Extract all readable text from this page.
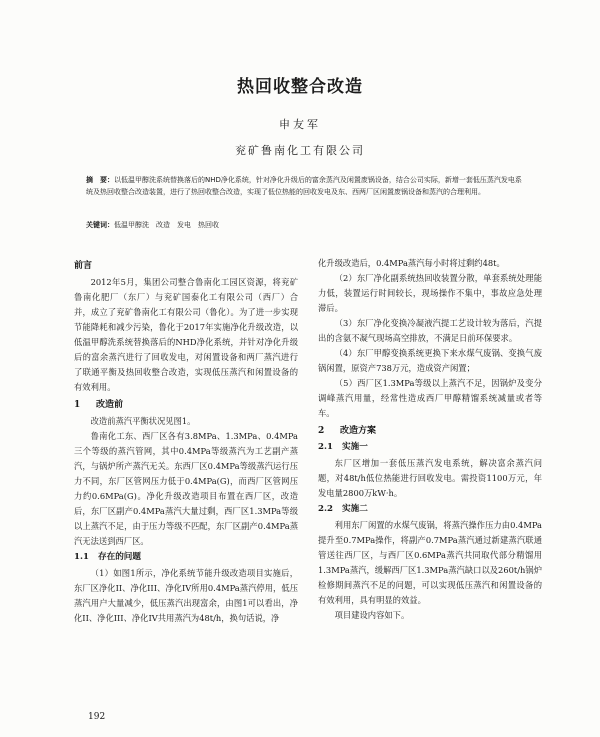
热回收整合改造
申友军
兖矿鲁南化工有限公司
摘　要：以低温甲醇洗系统替换落后的NHD净化系统，针对净化升级后的富余蒸汽及闲置废锅设备，结合公司实际，新增一套低压蒸汽发电系统及热回收整合改造装置，进行了热回收整合改造，实现了低位热能的回收发电及东、西两厂区闲置废锅设备和蒸汽的合理利用。
关键词：低温甲醇洗　改造　发电　热回收
前言

2012年5月，集团公司整合鲁南化工园区资源，将兖矿鲁南化肥厂（东厂）与兖矿国泰化工有限公司（西厂）合并，成立了兖矿鲁南化工有限公司（鲁化）。为了进一步实现节能降耗和减少污染，鲁化于2017年实施净化升级改造，以低温甲醇洗系统替换落后的NHD净化系统，并针对净化升级后的富余蒸汽进行了回收发电，对闲置设备和两厂蒸汽进行了联通平衡及热回收整合改造，实现低压蒸汽和闲置设备的有效利用。

1 改造前

改造前蒸汽平衡状况见图1。

鲁南化工东、西厂区各有3.8MPa、1.3MPa、0.4MPa三个等级的蒸汽管网，其中0.4MPa等级蒸汽为工艺副产蒸汽，与锅炉所产蒸汽无关。东西厂区0.4MPa等级蒸汽运行压力不同，东厂区管网压力低于0.4MPa(G)，而西厂区管网压力约0.6MPa(G)。净化升级改造项目布置在西厂区，改造后，东厂区副产0.4MPa蒸汽大量过剩，西厂区1.3MPa等级以上蒸汽不足，由于压力等级不匹配，东厂区副产0.4MPa蒸汽无法送到西厂区。

1.1 存在的问题

（1）如图1所示，净化系统节能升级改造项目实施后，东厂区净化II、净化III、净化IV所用0.4MPa蒸汽停用，低压蒸汽用户大量减少，低压蒸汽出现富余，由图1可以看出，净化II、净化III、净化IV共用蒸汽为48t/h，换句话说，净

化升级改造后，0.4MPa蒸汽每小时将过剩约48t。

（2）东厂净化副系统热回收装置分散，单套系统处理能力低，装置运行时间较长，现场操作不集中，事故应急处理滞后。

（3）东厂净化变换冷凝液汽提工艺设计较为落后，汽提出的含氨不凝气现场高空排放，不满足日前环保要求。

（4）东厂甲醇变换系统更换下来水煤气废锅、变换气废锅闲置，原资产738万元，造成资产闲置；

（5）西厂区1.3MPa等级以上蒸汽不足，因锅炉及变分调峰蒸汽用量，经常性造成西厂甲醇精馏系统减量或者等车。

2 改造方案
2.1 实施一

东厂区增加一套低压蒸汽发电系统，解决富余蒸汽问题，对48t/h低位热能进行回收发电。需投资1100万元，年发电量2800万kW·h。

2.2 实施二

利用东厂闲置的水煤气废锅，将蒸汽操作压力由0.4MPa提升至0.7MPa操作，将副产0.7MPa蒸汽通过新建蒸汽联通管送往西厂区，与西厂区0.6MPa蒸汽共同取代部分精馏用1.3MPa蒸汽，缓解西厂区1.3MPa蒸汽缺口以及260t/h锅炉检修期间蒸汽不足的问题，可以实现低压蒸汽和闲置设备的有效利用，具有明显的效益。

项目建设内容如下。

192
